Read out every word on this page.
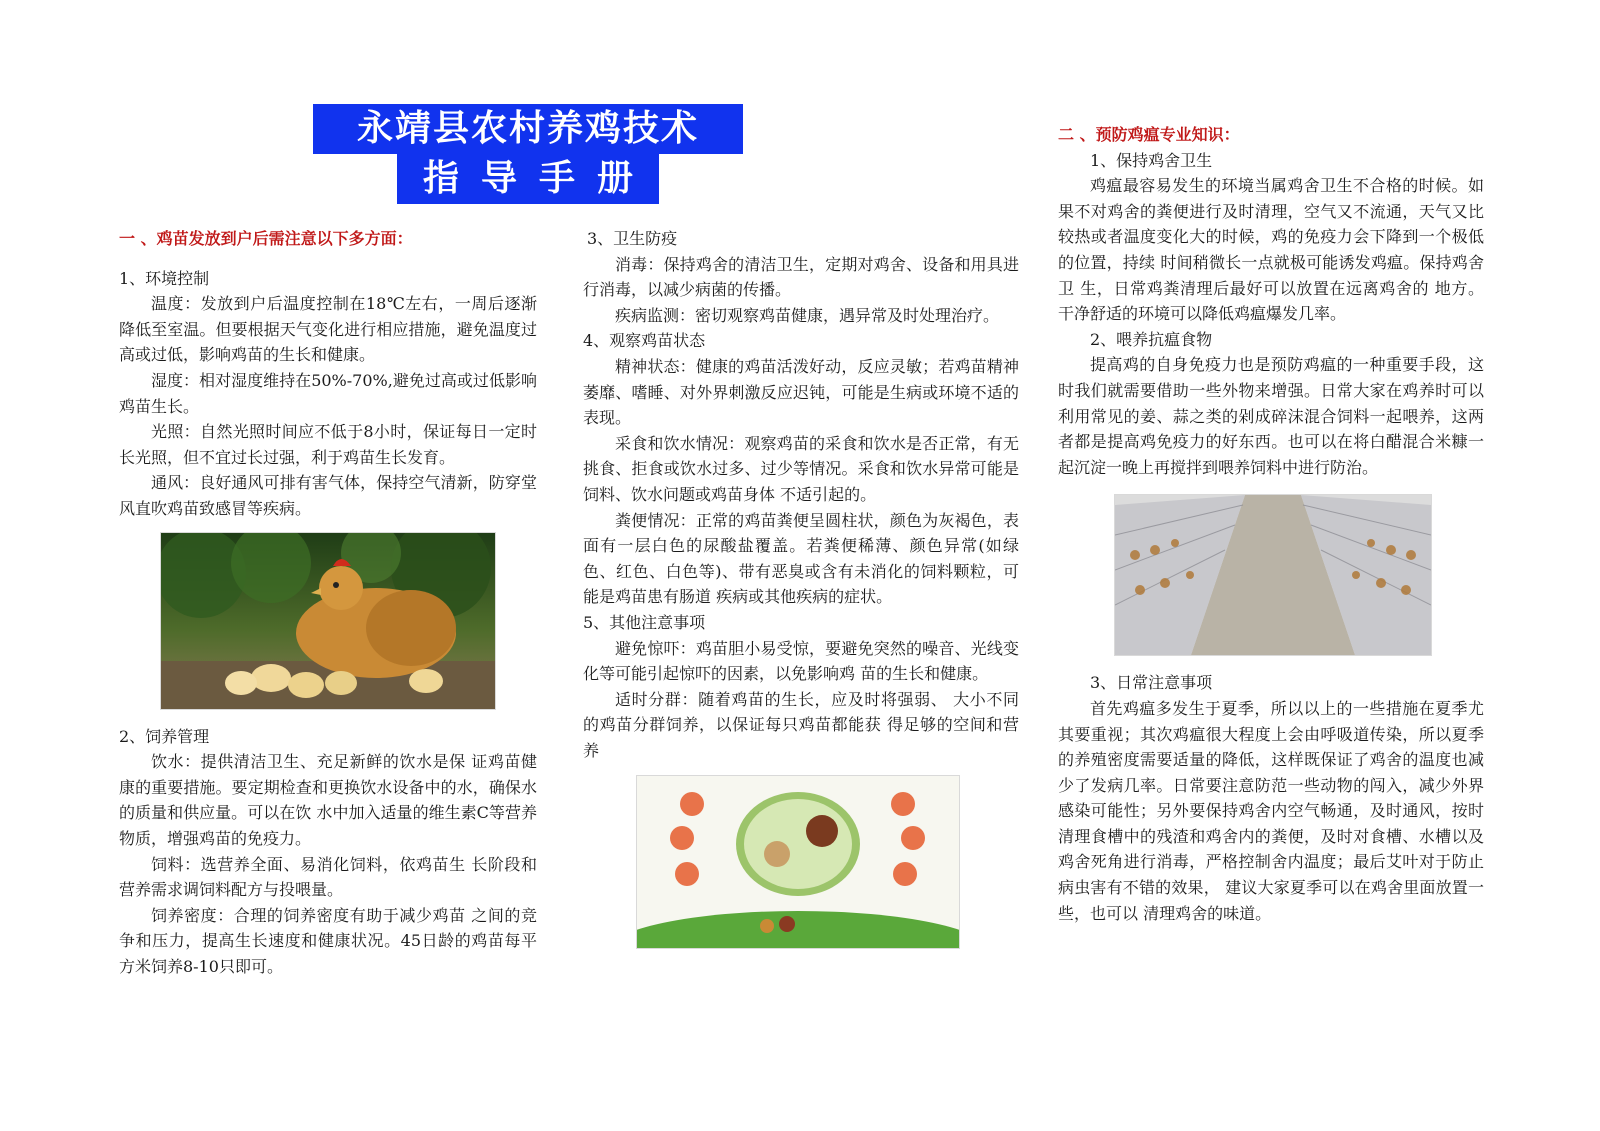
永靖县农村养鸡技术
指导手册

一 、鸡苗发放到户后需注意以下多方面：

1、环境控制

温度：发放到户后温度控制在18℃左右，一周后逐渐降低至室温。但要根据天气变化进行相应措施，避免温度过高或过低，影响鸡苗的生长和健康。

湿度：相对湿度维持在50%-70%,避免过高或过低影响鸡苗生长。

光照：自然光照时间应不低于8小时，保证每日一定时长光照，但不宜过长过强，利于鸡苗生长发育。

通风：良好通风可排有害气体，保持空气清新，防穿堂风直吹鸡苗致感冒等疾病。

2、饲养管理

饮水：提供清洁卫生、充足新鲜的饮水是保 证鸡苗健康的重要措施。要定期检查和更换饮水设备中的水，确保水的质量和供应量。可以在饮 水中加入适量的维生素C等营养物质，增强鸡苗的免疫力。

饲料：选营养全面、易消化饲料，依鸡苗生 长阶段和营养需求调饲料配方与投喂量。

饲养密度：合理的饲养密度有助于减少鸡苗 之间的竞争和压力，提高生长速度和健康状况。45日龄的鸡苗每平方米饲养8-10只即可。

3、卫生防疫

消毒：保持鸡舍的清洁卫生，定期对鸡舍、设备和用具进行消毒，以减少病菌的传播。

疾病监测：密切观察鸡苗健康，遇异常及时处理治疗。

4、观察鸡苗状态

精神状态：健康的鸡苗活泼好动，反应灵敏；若鸡苗精神萎靡、嗜睡、对外界刺激反应迟钝，可能是生病或环境不适的表现。

采食和饮水情况：观察鸡苗的采食和饮水是否正常，有无挑食、拒食或饮水过多、过少等情况。采食和饮水异常可能是饲料、饮水问题或鸡苗身体 不适引起的。

粪便情况：正常的鸡苗粪便呈圆柱状，颜色为灰褐色，表面有一层白色的尿酸盐覆盖。若粪便稀薄、颜色异常(如绿色、红色、白色等)、带有恶臭或含有未消化的饲料颗粒，可能是鸡苗患有肠道 疾病或其他疾病的症状。

5、其他注意事项

避免惊吓：鸡苗胆小易受惊，要避免突然的噪音、光线变化等可能引起惊吓的因素，以免影响鸡 苗的生长和健康。

适时分群：随着鸡苗的生长，应及时将强弱、 大小不同的鸡苗分群饲养，以保证每只鸡苗都能获 得足够的空间和营养

二 、预防鸡瘟专业知识：

1、保持鸡舍卫生

鸡瘟最容易发生的环境当属鸡舍卫生不合格的时候。如果不对鸡舍的粪便进行及时清理，空气又不流通，天气又比较热或者温度变化大的时候，鸡的免疫力会下降到一个极低的位置，持续 时间稍微长一点就极可能诱发鸡瘟。保持鸡舍卫 生，日常鸡粪清理后最好可以放置在远离鸡舍的 地方。干净舒适的环境可以降低鸡瘟爆发几率。

2、喂养抗瘟食物

提高鸡的自身免疫力也是预防鸡瘟的一种重要手段，这时我们就需要借助一些外物来增强。日常大家在鸡养时可以利用常见的姜、蒜之类的剁成碎沫混合饲料一起喂养，这两者都是提高鸡免疫力的好东西。也可以在将白醋混合米糠一起沉淀一晚上再搅拌到喂养饲料中进行防治。

3、日常注意事项

首先鸡瘟多发生于夏季，所以以上的一些措施在夏季尤其要重视；其次鸡瘟很大程度上会由呼吸道传染，所以夏季的养殖密度需要适量的降低，这样既保证了鸡舍的温度也减少了发病几率。日常要注意防范一些动物的闯入，减少外界感染可能性；另外要保持鸡舍内空气畅通，及时通风，按时清理食槽中的残渣和鸡舍内的粪便，及时对食槽、水槽以及鸡舍死角进行消毒，严格控制舍内温度；最后艾叶对于防止病虫害有不错的效果， 建议大家夏季可以在鸡舍里面放置一些，也可以 清理鸡舍的味道。
